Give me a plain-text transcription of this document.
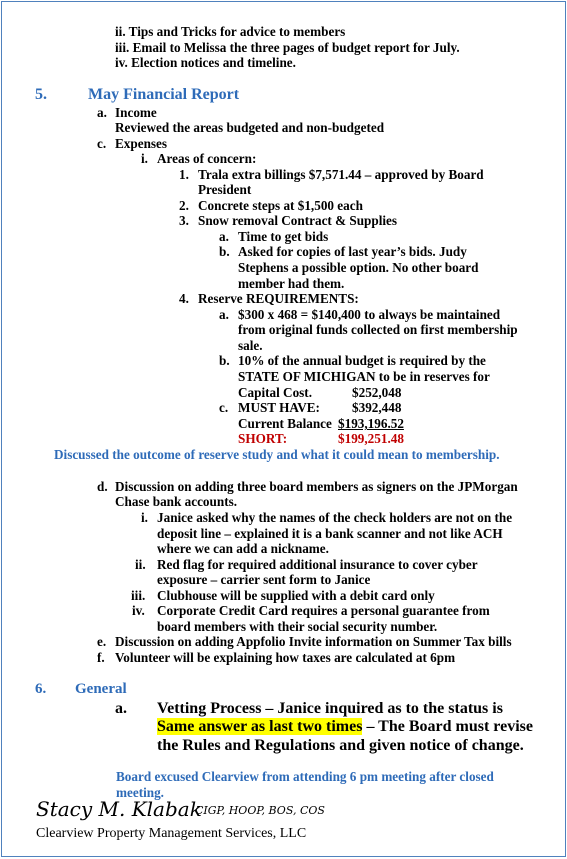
ii. Tips and Tricks for advice to members
iii. Email to Melissa the three pages of budget report for July.
iv. Election notices and timeline.
5.	May Financial Report
a. Income
Reviewed the areas budgeted and non-budgeted
c. Expenses
i. Areas of concern:
1. Trala extra billings $7,571.44 – approved by Board
President
2. Concrete steps at $1,500 each
3. Snow removal Contract & Supplies
a. Time to get bids
b. Asked for copies of last year’s bids. Judy
Stephens a possible option. No other board
member had them.
4. Reserve REQUIREMENTS:
a. $300 x 468 = $140,400 to always be maintained
from original funds collected on first membership
sale.
b. 10% of the annual budget is required by the
STATE OF MICHIGAN to be in reserves for
Capital Cost.	$252,048
c. MUST HAVE: $392,448
Current Balance $193,196.52
SHORT:	$199,251.48
Discussed the outcome of reserve study and what it could mean to membership.
d. Discussion on adding three board members as signers on the JPMorgan
Chase bank accounts.
i. Janice asked why the names of the check holders are not on the
deposit line – explained it is a bank scanner and not like ACH
where we can add a nickname.
ii. Red flag for required additional insurance to cover cyber
exposure – carrier sent form to Janice
iii. Clubhouse will be supplied with a debit card only
iv. Corporate Credit Card requires a personal guarantee from
board members with their social security number.
e. Discussion on adding Appfolio Invite information on Summer Tax bills
f. Volunteer will be explaining how taxes are calculated at 6pm
6. General
a. Vetting Process – Janice inquired as to the status is
Same answer as last two times – The Board must revise
the Rules and Regulations and given notice of change.
Board excused Clearview from attending 6 pm meeting after closed
meeting.
Stacy M. Klabak
CIGP, HOOP, BOS, COS
Clearview Property Management Services, LLC
